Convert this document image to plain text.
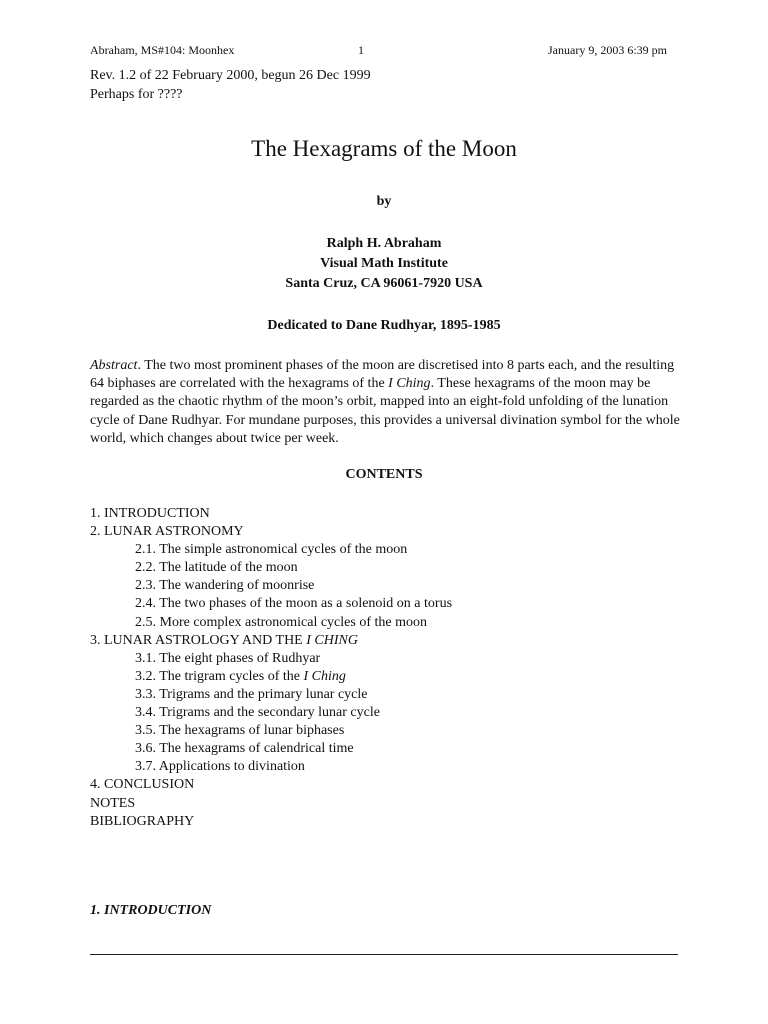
Abraham, MS#104: Moonhex	1	January 9, 2003 6:39 pm
Rev. 1.2 of 22 February 2000, begun 26 Dec 1999
Perhaps for ????
The Hexagrams of the Moon
by
Ralph H. Abraham
Visual Math Institute
Santa Cruz, CA 96061-7920 USA
Dedicated to Dane Rudhyar, 1895-1985
Abstract. The two most prominent phases of the moon are discretised into 8 parts each, and the resulting 64 biphases are correlated with the hexagrams of the I Ching. These hexagrams of the moon may be regarded as the chaotic rhythm of the moon’s orbit, mapped into an eight-fold unfolding of the lunation cycle of Dane Rudhyar. For mundane purposes, this provides a universal divination symbol for the whole world, which changes about twice per week.
CONTENTS
1. INTRODUCTION
2. LUNAR ASTRONOMY
2.1. The simple astronomical cycles of the moon
2.2. The latitude of the moon
2.3. The wandering of moonrise
2.4. The two phases of the moon as a solenoid on a torus
2.5. More complex astronomical cycles of the moon
3. LUNAR ASTROLOGY AND THE I CHING
3.1. The eight phases of Rudhyar
3.2. The trigram cycles of the I Ching
3.3. Trigrams and the primary lunar cycle
3.4. Trigrams and the secondary lunar cycle
3.5. The hexagrams of lunar biphases
3.6. The hexagrams of calendrical time
3.7. Applications to divination
4. CONCLUSION
NOTES
BIBLIOGRAPHY
1. INTRODUCTION
